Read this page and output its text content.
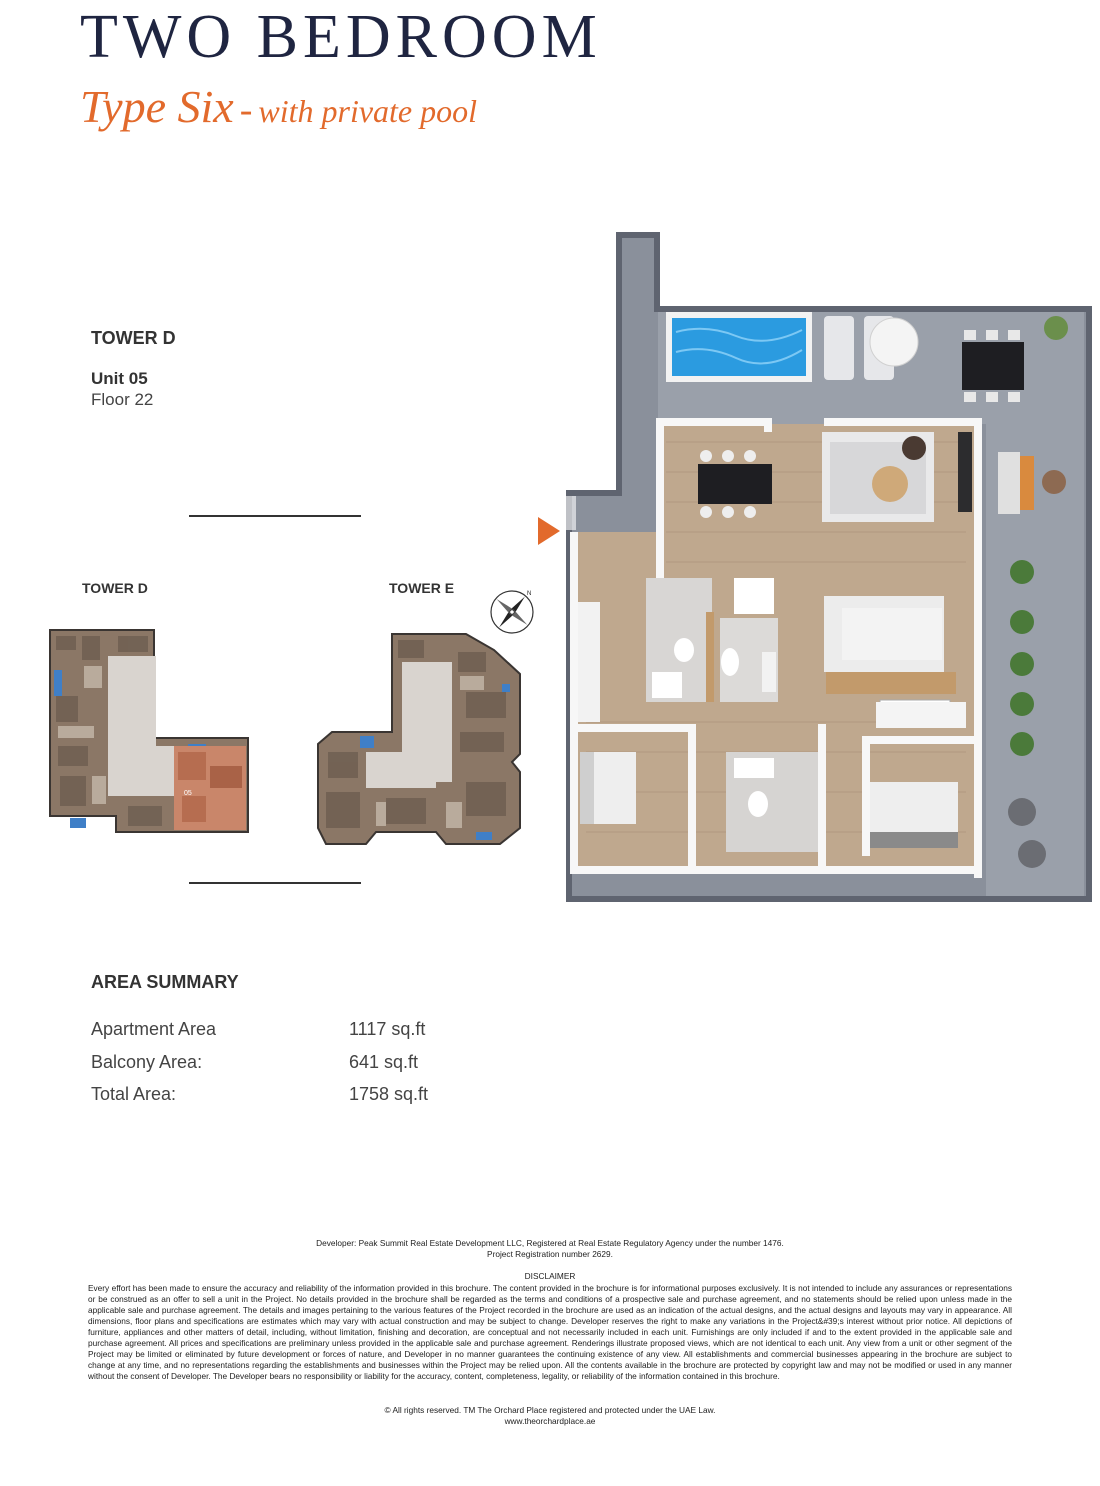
TWO BEDROOM
Type Six - with private pool
TOWER D
Unit 05
Floor 22
TOWER D	TOWER E
05
N
AREA SUMMARY
Apartment Area	1117 sq.ft
Balcony Area:	641 sq.ft
Total Area:	1758 sq.ft
Developer: Peak Summit Real Estate Development LLC, Registered at Real Estate Regulatory Agency under the number 1476.
Project Registration number 2629.
DISCLAIMER
Every effort has been made to ensure the accuracy and reliability of the information provided in this brochure. The content provided in the brochure is for informational purposes exclusively. It is not intended to include any assurances or representations or be construed as an offer to sell a unit in the Project. No details provided in the brochure shall be regarded as the terms and conditions of a prospective sale and purchase agreement, and no statements should be relied upon unless made in the applicable sale and purchase agreement. The details and images pertaining to the various features of the Project recorded in the brochure are used as an indication of the actual designs, and the actual designs and layouts may vary in appearance. All dimensions, floor plans and specifications are estimates which may vary with actual construction and may be subject to change. Developer reserves the right to make any variations in the Project&#39;s interest without prior notice. All depictions of furniture, appliances and other matters of detail, including, without limitation, finishing and decoration, are conceptual and not necessarily included in each unit. Furnishings are only included if and to the extent provided in the applicable sale and purchase agreement. All prices and specifications are preliminary unless provided in the applicable sale and purchase agreement. Renderings illustrate proposed views, which are not identical to each unit. Any view from a unit or other segment of the Project may be limited or eliminated by future development or forces of nature, and Developer in no manner guarantees the continuing existence of any view. All establishments and commercial businesses appearing in the brochure are subject to change at any time, and no representations regarding the establishments and businesses within the Project may be relied upon. All the contents available in the brochure are protected by copyright law and may not be modified or used in any manner without the consent of Developer. The Developer bears no responsibility or liability for the accuracy, content, completeness, legality, or reliability of the information contained in this brochure.
© All rights reserved. TM The Orchard Place registered and protected under the UAE Law.
www.theorchardplace.ae
